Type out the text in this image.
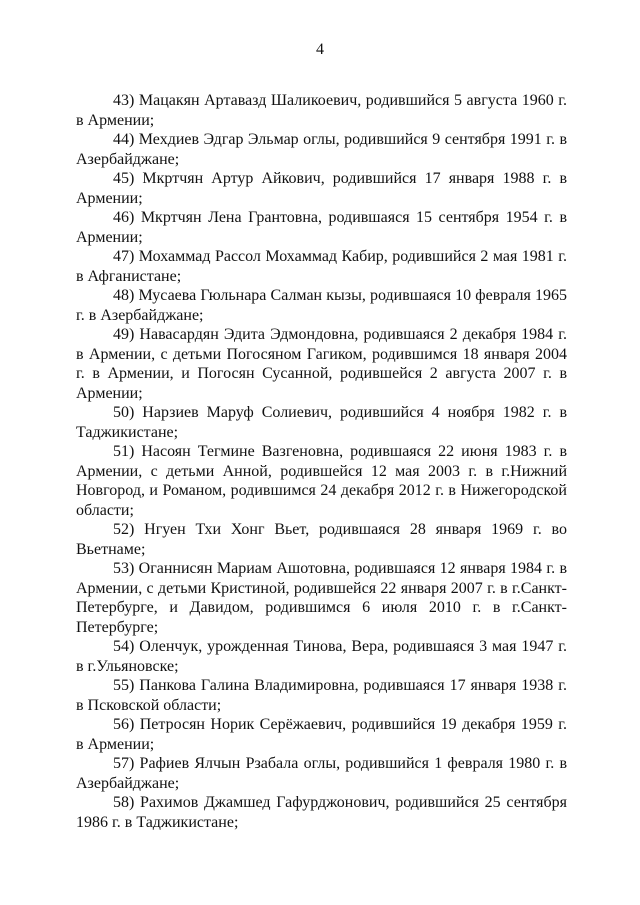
4

43) Мацакян Артавазд Шаликоевич, родившийся 5 августа 1960 г. в Армении;

44) Мехдиев Эдгар Эльмар оглы, родившийся 9 сентября 1991 г. в Азербайджане;

45) Мкртчян Артур Айкович, родившийся 17 января 1988 г. в Армении;

46) Мкртчян Лена Грантовна, родившаяся 15 сентября 1954 г. в Армении;

47) Мохаммад Рассол Мохаммад Кабир, родившийся 2 мая 1981 г. в Афганистане;

48) Мусаева Гюльнара Салман кызы, родившаяся 10 февраля 1965 г. в Азербайджане;

49) Навасардян Эдита Эдмондовна, родившаяся 2 декабря 1984 г. в Армении, с детьми Погосяном Гагиком, родившимся 18 января 2004 г. в Армении, и Погосян Сусанной, родившейся 2 августа 2007 г. в Армении;

50) Нарзиев Маруф Солиевич, родившийся 4 ноября 1982 г. в Таджикистане;

51) Насоян Тегмине Вазгеновна, родившаяся 22 июня 1983 г. в Армении, с детьми Анной, родившейся 12 мая 2003 г. в г.Нижний Новгород, и Романом, родившимся 24 декабря 2012 г. в Нижегородской области;

52) Нгуен Тхи Хонг Вьет, родившаяся 28 января 1969 г. во Вьетнаме;

53) Оганнисян Мариам Ашотовна, родившаяся 12 января 1984 г. в Армении, с детьми Кристиной, родившейся 22 января 2007 г. в г.Санкт-Петербурге, и Давидом, родившимся 6 июля 2010 г. в г.Санкт-Петербурге;

54) Оленчук, урожденная Тинова, Вера, родившаяся 3 мая 1947 г. в г.Ульяновске;

55) Панкова Галина Владимировна, родившаяся 17 января 1938 г. в Псковской области;

56) Петросян Норик Серёжаевич, родившийся 19 декабря 1959 г. в Армении;

57) Рафиев Ялчын Рзабала оглы, родившийся 1 февраля 1980 г. в Азербайджане;

58) Рахимов Джамшед Гафурджонович, родившийся 25 сентября 1986 г. в Таджикистане;
